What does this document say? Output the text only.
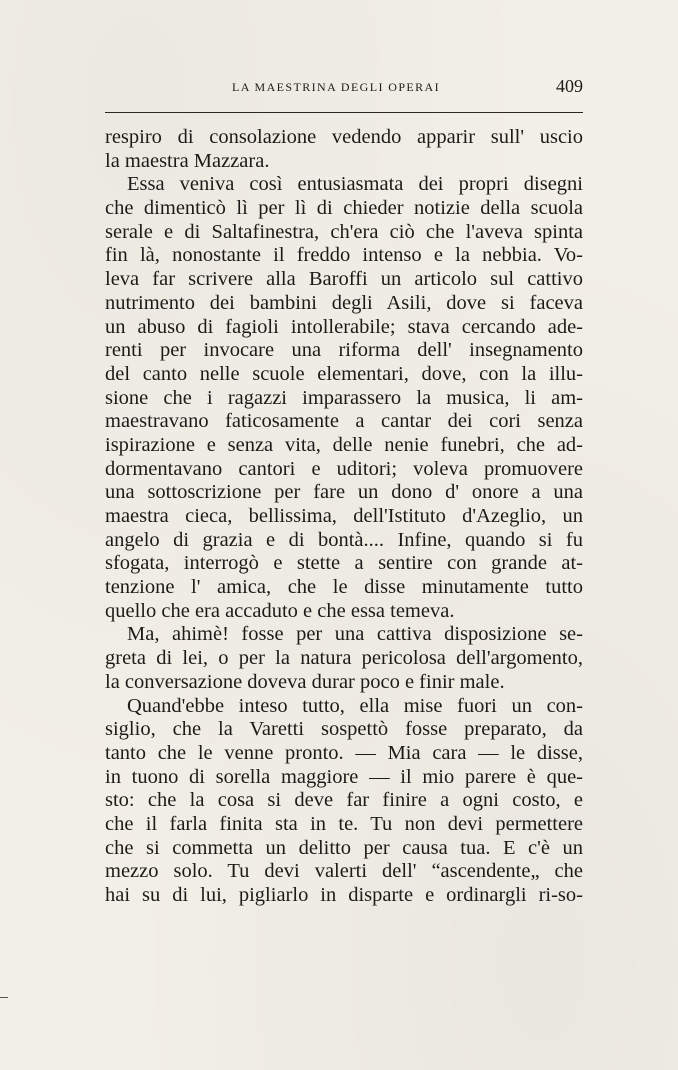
LA MAESTRINA DEGLI OPERAI	409
respiro di consolazione vedendo apparir sull' uscio
la maestra Mazzara.
Essa veniva così entusiasmata dei propri disegni
che dimenticò lì per lì di chieder notizie della scuola
serale e di Saltafinestra, ch'era ciò che l'aveva spinta
fin là, nonostante il freddo intenso e la nebbia. Vo-
leva far scrivere alla Baroffi un articolo sul cattivo
nutrimento dei bambini degli Asili, dove si faceva
un abuso di fagioli intollerabile; stava cercando ade-
renti per invocare una riforma dell' insegnamento
del canto nelle scuole elementari, dove, con la illu-
sione che i ragazzi imparassero la musica, li am-
maestravano faticosamente a cantar dei cori senza
ispirazione e senza vita, delle nenie funebri, che ad-
dormentavano cantori e uditori; voleva promuovere
una sottoscrizione per fare un dono d' onore a una
maestra cieca, bellissima, dell'Istituto d'Azeglio, un
angelo di grazia e di bontà.... Infine, quando si fu
sfogata, interrogò e stette a sentire con grande at-
tenzione l' amica, che le disse minutamente tutto
quello che era accaduto e che essa temeva.
Ma, ahimè! fosse per una cattiva disposizione se-
greta di lei, o per la natura pericolosa dell'argomento,
la conversazione doveva durar poco e finir male.
Quand'ebbe inteso tutto, ella mise fuori un con-
siglio, che la Varetti sospettò fosse preparato, da
tanto che le venne pronto. — Mia cara — le disse,
in tuono di sorella maggiore — il mio parere è que-
sto: che la cosa si deve far finire a ogni costo, e
che il farla finita sta in te. Tu non devi permettere
che si commetta un delitto per causa tua. E c'è un
mezzo solo. Tu devi valerti dell' “ascendente„ che
hai su di lui, pigliarlo in disparte e ordinargli ri-so-
